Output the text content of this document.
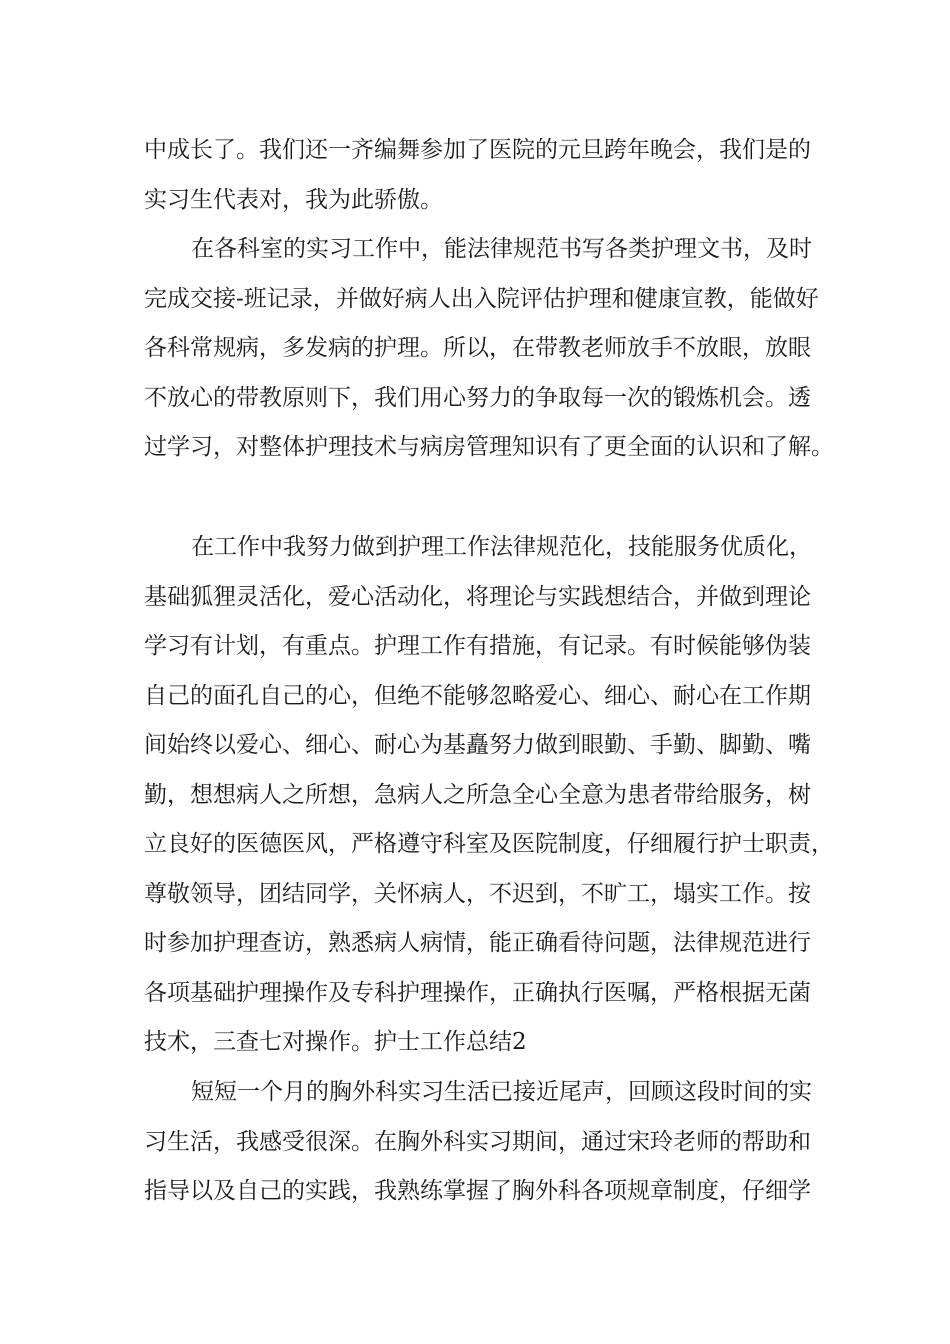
中成长了。我们还一齐编舞参加了医院的元旦跨年晚会，我们是的
实习生代表对，我为此骄傲。
在各科室的实习工作中，能法律规范书写各类护理文书，及时
完成交接-班记录，并做好病人出入院评估护理和健康宣教，能做好
各科常规病，多发病的护理。所以，在带教老师放手不放眼，放眼
不放心的带教原则下，我们用心努力的争取每一次的锻炼机会。透
过学习，对整体护理技术与病房管理知识有了更全面的认识和了解。
在工作中我努力做到护理工作法律规范化，技能服务优质化，
基础狐狸灵活化，爱心活动化，将理论与实践想结合，并做到理论
学习有计划，有重点。护理工作有措施，有记录。有时候能够伪装
自己的面孔自己的心，但绝不能够忽略爱心、细心、耐心在工作期
间始终以爱心、细心、耐心为基矗努力做到眼勤、手勤、脚勤、嘴
勤，想想病人之所想，急病人之所急全心全意为患者带给服务，树
立良好的医德医风，严格遵守科室及医院制度，仔细履行护士职责，
尊敬领导，团结同学，关怀病人，不迟到，不旷工，塌实工作。按
时参加护理查访，熟悉病人病情，能正确看待问题，法律规范进行
各项基础护理操作及专科护理操作，正确执行医嘱，严格根据无菌
技术，三查七对操作。护士工作总结2
短短一个月的胸外科实习生活已接近尾声，回顾这段时间的实
习生活，我感受很深。在胸外科实习期间，通过宋玲老师的帮助和
指导以及自己的实践，我熟练掌握了胸外科各项规章制度，仔细学
